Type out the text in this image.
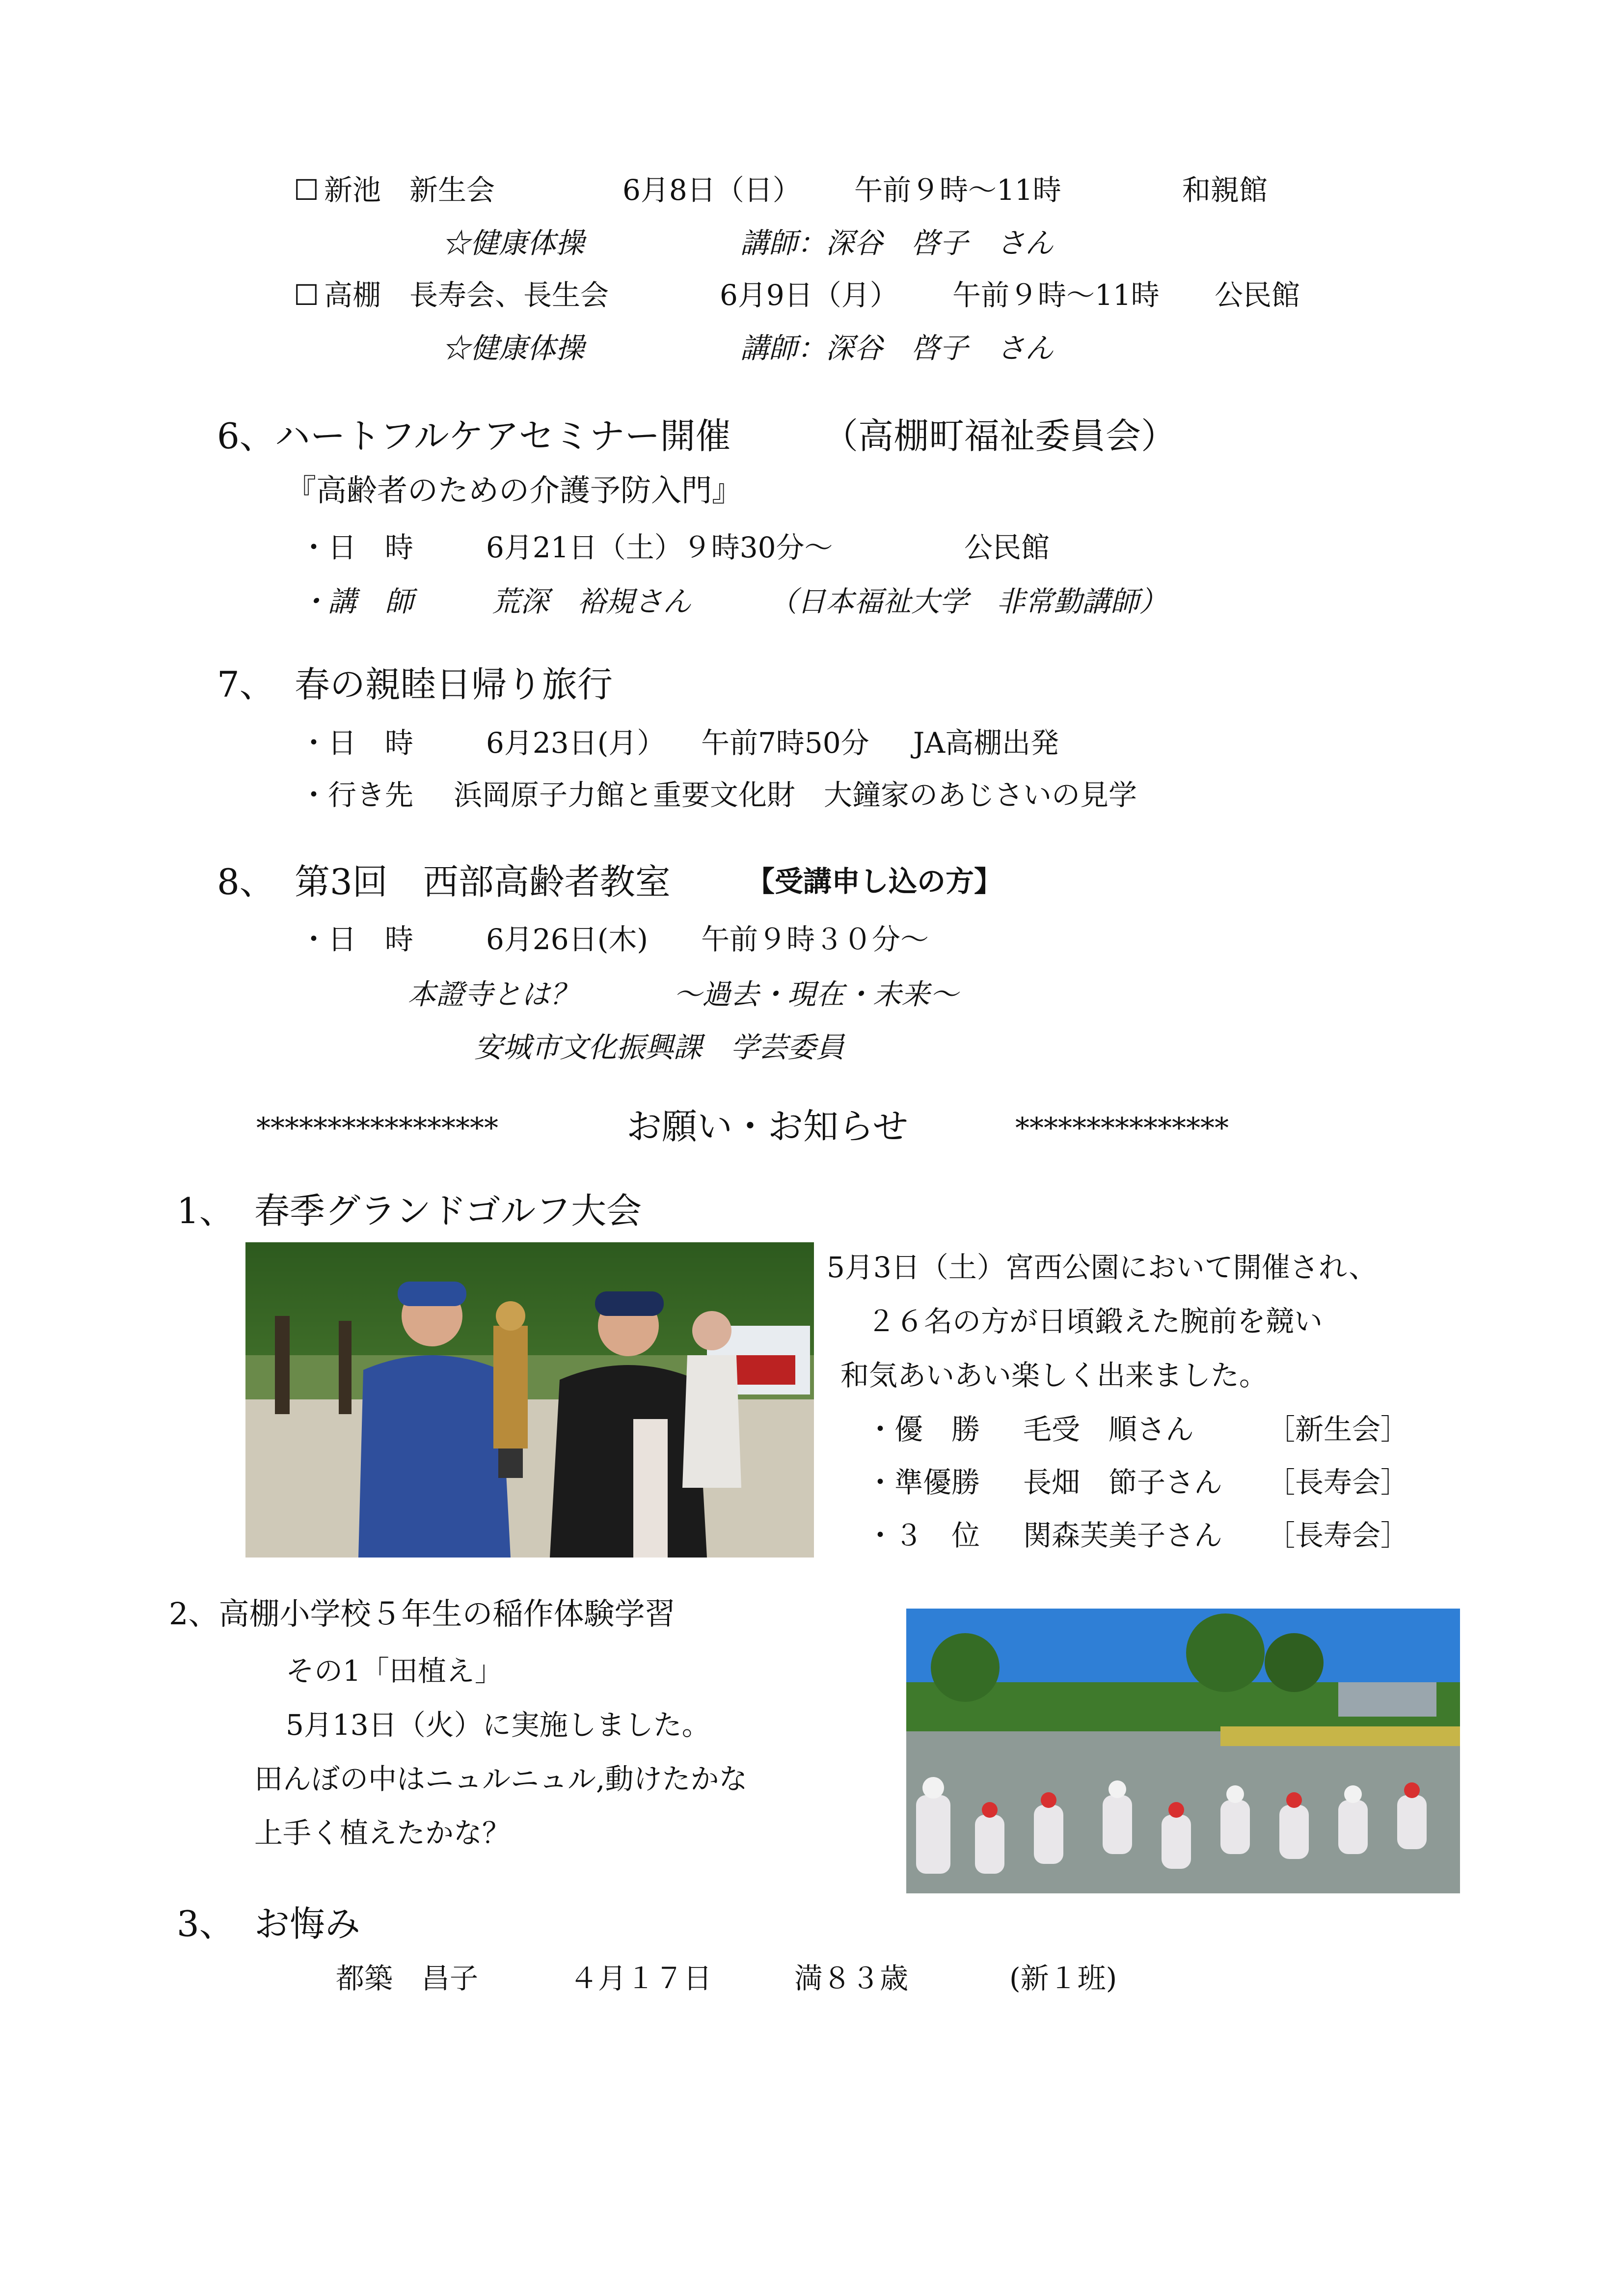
☐ 新池　新生会	6月8日（日） 午前９時～11時	和親館
☆健康体操	講師：深谷　啓子　さん
☐ 高棚　長寿会、長生会	6月9日（月） 午前９時～11時 公民館
☆健康体操	講師：深谷　啓子　さん
6、ハートフルケアセミナー開催	（高棚町福祉委員会）
『高齢者のための介護予防入門』
・日　時	6月21日（土）９時30分～	公民館
・講　師	荒深　裕規さん	（日本福祉大学　非常勤講師）
7、 春の親睦日帰り旅行
・日　時	6月23日(月） 午前7時50分 JA高棚出発
・行き先 浜岡原子力館と重要文化財　大鐘家のあじさいの見学
8、 第3回　西部高齢者教室	【受講申し込の方】
・日　時	6月26日(木) 午前９時３０分～
本證寺とは？	～過去・現在・未来～
安城市文化振興課　学芸委員
*****************	お願い・お知らせ	***************
1、 春季グランドゴルフ大会
5月3日（土）宮西公園において開催され、
２６名の方が日頃鍛えた腕前を競い
和気あいあい楽しく出来ました。
・優　勝 毛受　順さん	［新生会］
・準優勝 長畑　節子さん ［長寿会］
・３　位 関森芙美子さん ［長寿会］
2、高棚小学校５年生の稲作体験学習
その1「田植え」
5月13日（火）に実施しました。
田んぼの中はニュルニュル,動けたかな
上手く植えたかな？
3、 お悔み
都築　昌子	４月１７日	満８３歳	(新１班)
